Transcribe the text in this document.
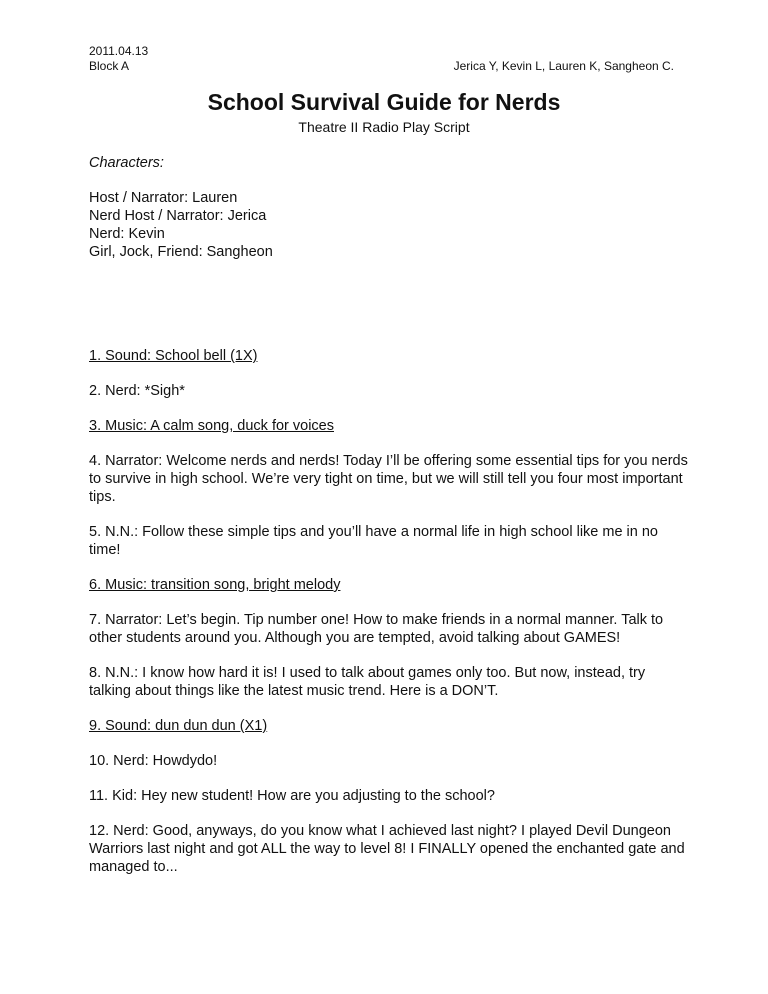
2011.04.13
Block A	Jerica Y, Kevin L, Lauren K, Sangheon C.
School Survival Guide for Nerds
Theatre II Radio Play Script
Characters:
Host / Narrator: Lauren
Nerd Host / Narrator: Jerica
Nerd: Kevin
Girl, Jock, Friend: Sangheon
1. Sound: School bell (1X)
2. Nerd: *Sigh*
3. Music: A calm song, duck for voices
4. Narrator: Welcome nerds and nerds! Today I’ll be offering some essential tips for you nerds to survive in high school. We’re very tight on time, but we will still tell you four most important tips.
5. N.N.: Follow these simple tips and you’ll have a normal life in high school like me in no time!
6. Music: transition song, bright melody
7. Narrator: Let’s begin. Tip number one! How to make friends in a normal manner. Talk to other students around you. Although you are tempted, avoid talking about GAMES!
8. N.N.: I know how hard it is! I used to talk about games only too. But now, instead, try talking about things like the latest music trend. Here is a DON’T.
9. Sound: dun dun dun (X1)
10. Nerd: Howdydo!
11. Kid: Hey new student! How are you adjusting to the school?
12. Nerd: Good, anyways, do you know what I achieved last night? I played Devil Dungeon Warriors last night and got ALL the way to level 8! I FINALLY opened the enchanted gate and managed to...
